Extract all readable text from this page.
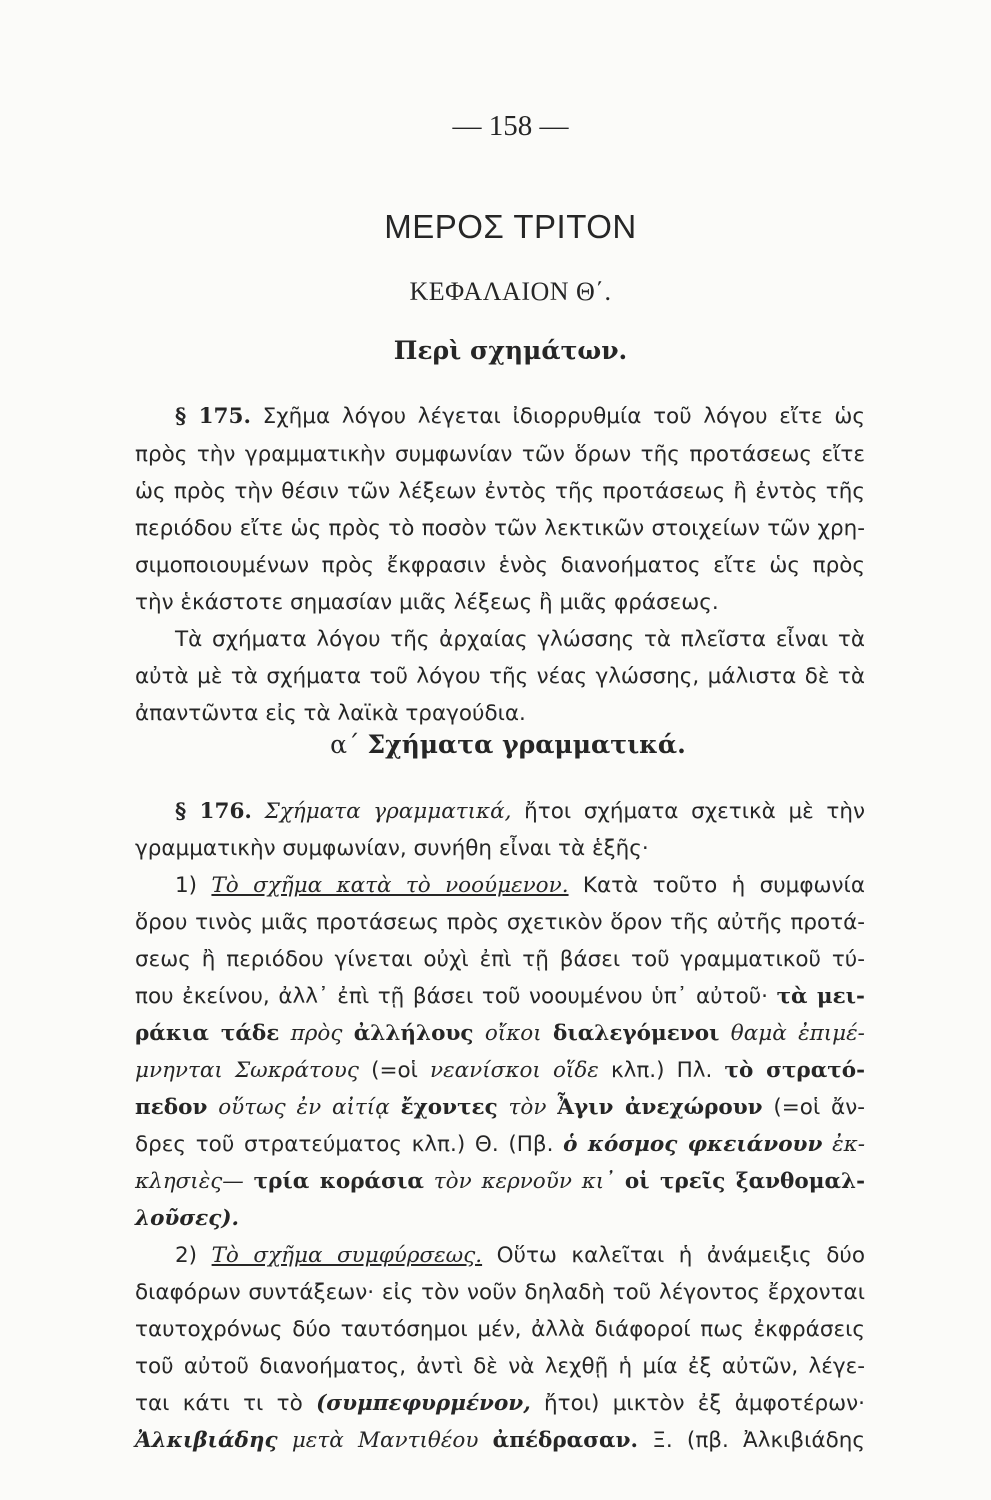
— 158 —
ΜΕΡΟΣ ΤΡΙΤΟΝ
ΚΕΦΑΛΑΙΟΝ Θ΄.
Περὶ σχημάτων.
§ 175. Σχῆμα λόγου λέγεται ἰδιορρυθμία τοῦ λόγου εἴτε ὡς
πρὸς τὴν γραμματικὴν συμφωνίαν τῶν ὅρων τῆς προτάσεως εἴτε
ὡς πρὸς τὴν θέσιν τῶν λέξεων ἐντὸς τῆς προτάσεως ἢ ἐντὸς τῆς
περιόδου εἴτε ὡς πρὸς τὸ ποσὸν τῶν λεκτικῶν στοιχείων τῶν χρη-
σιμοποιουμένων πρὸς ἔκφρασιν ἑνὸς διανοήματος εἴτε ὡς πρὸς
τὴν ἑκάστοτε σημασίαν μιᾶς λέξεως ἢ μιᾶς φράσεως.
Τὰ σχήματα λόγου τῆς ἀρχαίας γλώσσης τὰ πλεῖστα εἶναι τὰ
αὐτὰ μὲ τὰ σχήματα τοῦ λόγου τῆς νέας γλώσσης, μάλιστα δὲ τὰ
ἀπαντῶντα εἰς τὰ λαϊκὰ τραγούδια.
α΄ Σχήματα γραμματικά.
§ 176. Σχήματα γραμματικά, ἤτοι σχήματα σχετικὰ μὲ τὴν
γραμματικὴν συμφωνίαν, συνήθη εἶναι τὰ ἑξῆς·
1) Τὸ σχῆμα κατὰ τὸ νοούμενον. Κατὰ τοῦτο ἡ συμφωνία
ὅρου τινὸς μιᾶς προτάσεως πρὸς σχετικὸν ὅρον τῆς αὐτῆς προτά-
σεως ἢ περιόδου γίνεται οὐχὶ ἐπὶ τῇ βάσει τοῦ γραμματικοῦ τύ-
που ἐκείνου, ἀλλ᾽ ἐπὶ τῇ βάσει τοῦ νοουμένου ὑπ᾽ αὐτοῦ· τὰ μει-
ράκια τάδε πρὸς ἀλλήλους οἴκοι διαλεγόμενοι θαμὰ ἐπιμέ-
μνηνται Σωκράτους (=οἱ νεανίσκοι οἵδε κλπ.) Πλ. τὸ στρατό-
πεδον οὕτως ἐν αἰτίᾳ ἔχοντες τὸν Ἆγιν ἀνεχώρουν (=οἱ ἄν-
δρες τοῦ στρατεύματος κλπ.) Θ. (Πβ. ὁ κόσμος φκειάνουν ἐκ-
κλησιὲς— τρία κοράσια τὸν κερνοῦν κι᾽ οἱ τρεῖς ξανθομαλ-
λοῦσες).
2) Τὸ σχῆμα συμφύρσεως. Οὕτω καλεῖται ἡ ἀνάμειξις δύο
διαφόρων συντάξεων· εἰς τὸν νοῦν δηλαδὴ τοῦ λέγοντος ἔρχονται
ταυτοχρόνως δύο ταυτόσημοι μέν, ἀλλὰ διάφοροί πως ἐκφράσεις
τοῦ αὐτοῦ διανοήματος, ἀντὶ δὲ νὰ λεχθῇ ἡ μία ἐξ αὐτῶν, λέγε-
ται κάτι τι τὸ (συμπεφυρμένον, ἤτοι) μικτὸν ἐξ ἀμφοτέρων·
Ἀλκιβιάδης μετὰ Μαντιθέου ἀπέδρασαν. Ξ. (πβ. Ἀλκιβιάδης
